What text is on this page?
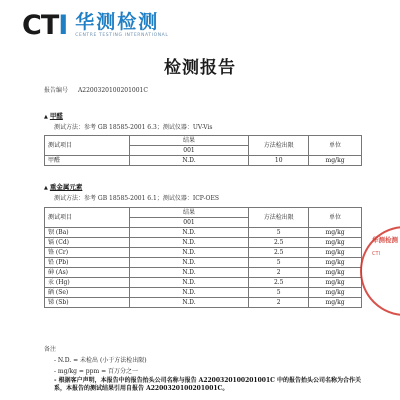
CTI 华测检测
CENTRE TESTING INTERNATIONAL
检测报告
报告编号 A2200320100201001C
▲ 甲醛
测试方法：参考 GB 18585-2001 6.3；测试仪器：UV-Vis
测试项目	结果	方法检出限	单位
	001		
甲醛	N.D.	10	mg/kg
▲ 重金属元素
测试方法：参考 GB 18585-2001 6.1；测试仪器：ICP-OES
测试项目	结果	方法检出限	单位
	001		
钡 (Ba)	N.D.	5	mg/kg
镉 (Cd)	N.D.	2.5	mg/kg
铬 (Cr)	N.D.	2.5	mg/kg
铅 (Pb)	N.D.	5	mg/kg
砷 (As)	N.D.	2	mg/kg
汞 (Hg)	N.D.	2.5	mg/kg
硒 (Se)	N.D.	5	mg/kg
锑 (Sb)	N.D.	2	mg/kg
华测检测
CTI
备注
- N.D. = 未检出 (小于方法检出限)
- mg/kg = ppm = 百万分之一
- 根据客户声明，本报告中的报告抬头公司名称与报告 A2200320100201001C 中的报告抬头公司名称为合作关系，本报告的测试结果引用自报告 A2200320100201001C。
